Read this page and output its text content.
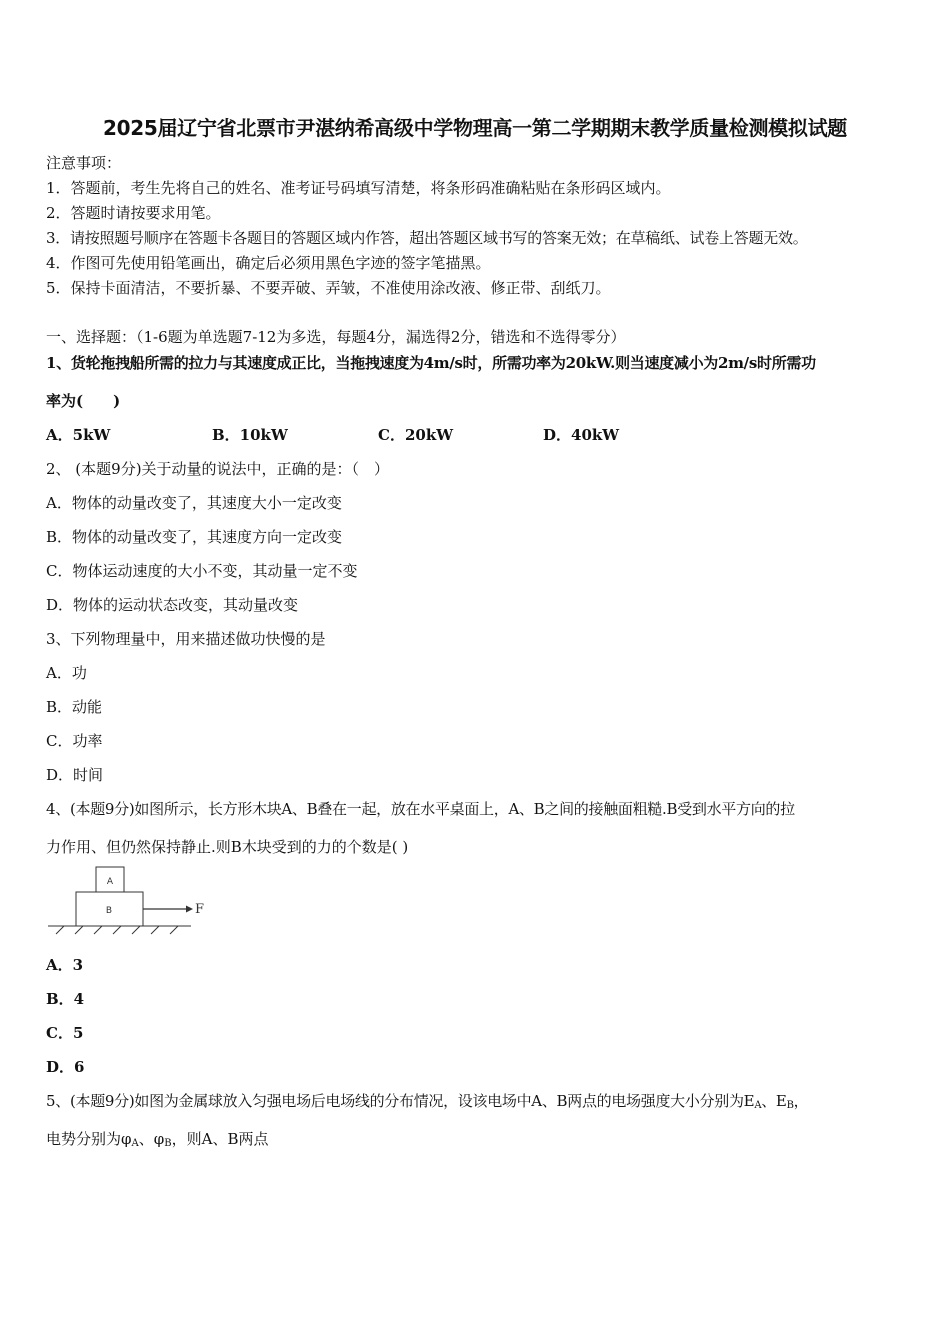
2025届辽宁省北票市尹湛纳希高级中学物理高一第二学期期末教学质量检测模拟试题
注意事项：
1．答题前，考生先将自己的姓名、准考证号码填写清楚，将条形码准确粘贴在条形码区域内。
2．答题时请按要求用笔。
3．请按照题号顺序在答题卡各题目的答题区域内作答，超出答题区域书写的答案无效；在草稿纸、试卷上答题无效。
4．作图可先使用铅笔画出，确定后必须用黑色字迹的签字笔描黑。
5．保持卡面清洁，不要折暴、不要弄破、弄皱，不准使用涂改液、修正带、刮纸刀。
一、选择题：（1-6题为单选题7-12为多选，每题4分，漏选得2分，错选和不选得零分）
1、货轮拖拽船所需的拉力与其速度成正比，当拖拽速度为4m/s时，所需功率为20kW.则当速度减小为2m/s时所需功
率为(　　)
A．5kW	B．10kW	C．20kW	D．40kW
2、 (本题9分)关于动量的说法中，正确的是：（　）
A．物体的动量改变了，其速度大小一定改变
B．物体的动量改变了，其速度方向一定改变
C．物体运动速度的大小不变，其动量一定不变
D．物体的运动状态改变，其动量改变
3、下列物理量中，用来描述做功快慢的是
A．功
B．动能
C．功率
D．时间
4、(本题9分)如图所示，长方形木块A、B叠在一起，放在水平桌面上，A、B之间的接触面粗糙.B受到水平方向的拉
力作用、但仍然保持静止.则B木块受到的力的个数是( )
A
B	F
A．3
B．4
C．5
D．6
5、(本题9分)如图为金属球放入匀强电场后电场线的分布情况，设该电场中A、B两点的电场强度大小分别为$E_A$、$E_B$，
电势分别为$\varphi_A$、$\varphi_B$，则A、B两点
